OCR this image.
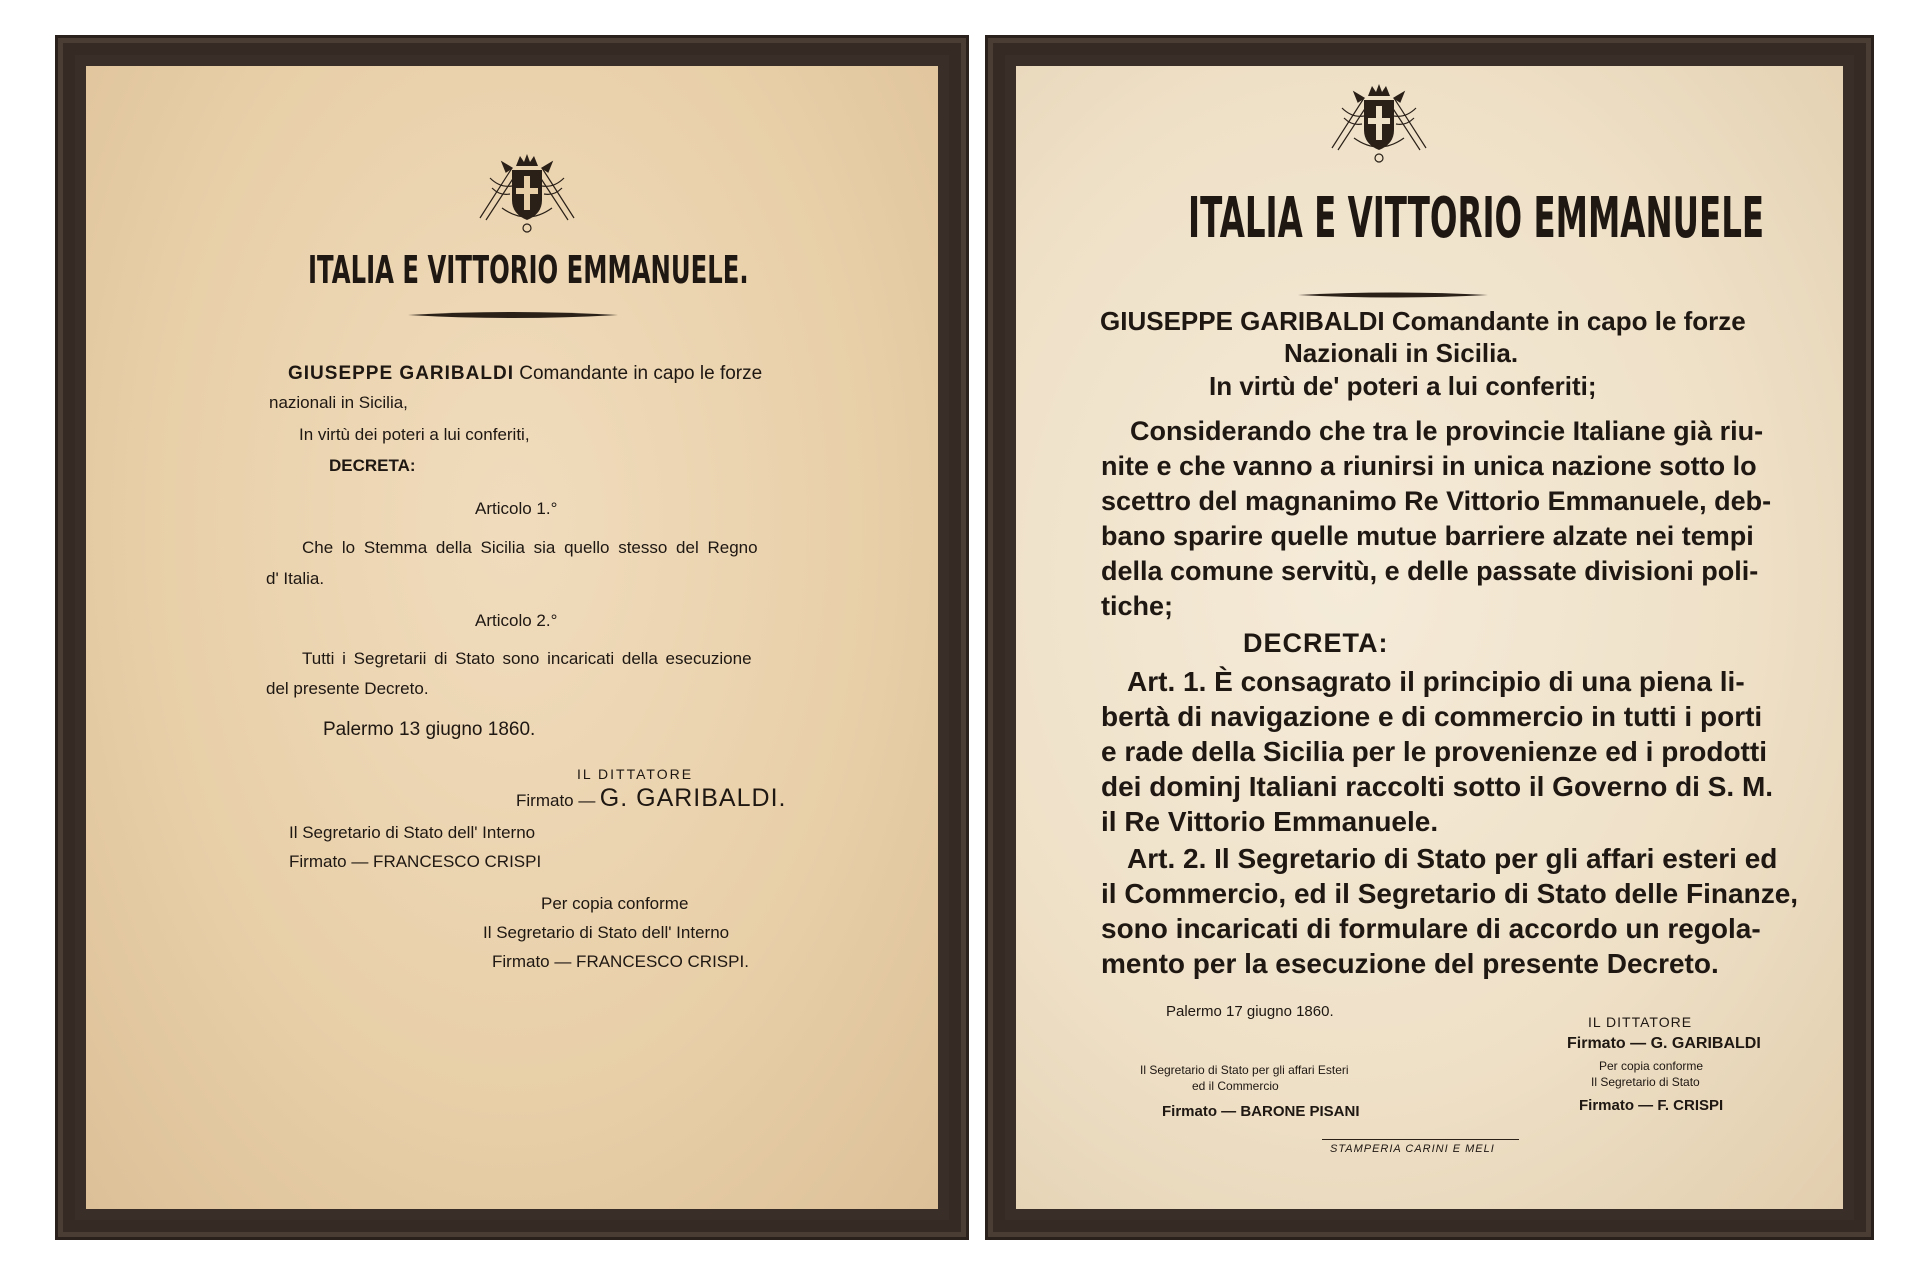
ITALIA E VITTORIO EMMANUELE.
GIUSEPPE GARIBALDI Comandante in capo le forze
nazionali in Sicilia,
In virtù dei poteri a lui conferiti,
DECRETA:
Articolo 1.°
Che lo Stemma della Sicilia sia quello stesso del Regno
d' Italia.
Articolo 2.°
Tutti i Segretarii di Stato sono incaricati della esecuzione
del presente Decreto.
Palermo 13 giugno 1860.
IL DITTATORE
Firmato — G. GARIBALDI.
Il Segretario di Stato dell' Interno
Firmato — FRANCESCO CRISPI
Per copia conforme
Il Segretario di Stato dell' Interno
Firmato — FRANCESCO CRISPI.
ITALIA E VITTORIO EMMANUELE
GIUSEPPE GARIBALDI Comandante in capo le forze
Nazionali in Sicilia.
In virtù de' poteri a lui conferiti;
Considerando che tra le provincie Italiane già riu-
nite e che vanno a riunirsi in unica nazione sotto lo
scettro del magnanimo Re Vittorio Emmanuele, deb-
bano sparire quelle mutue barriere alzate nei tempi
della comune servitù, e delle passate divisioni poli-
tiche;
DECRETA:
Art. 1. È consagrato il principio di una piena li-
bertà di navigazione e di commercio in tutti i porti
e rade della Sicilia per le provenienze ed i prodotti
dei dominj Italiani raccolti sotto il Governo di S. M.
il Re Vittorio Emmanuele.
Art. 2. Il Segretario di Stato per gli affari esteri ed
il Commercio, ed il Segretario di Stato delle Finanze,
sono incaricati di formulare di accordo un regola-
mento per la esecuzione del presente Decreto.
Palermo 17 giugno 1860.
IL DITTATORE
Firmato — G. GARIBALDI
Per copia conforme
Il Segretario di Stato
Firmato — F. CRISPI
Il Segretario di Stato per gli affari Esteri
ed il Commercio
Firmato — BARONE PISANI
STAMPERIA CARINI E MELI
